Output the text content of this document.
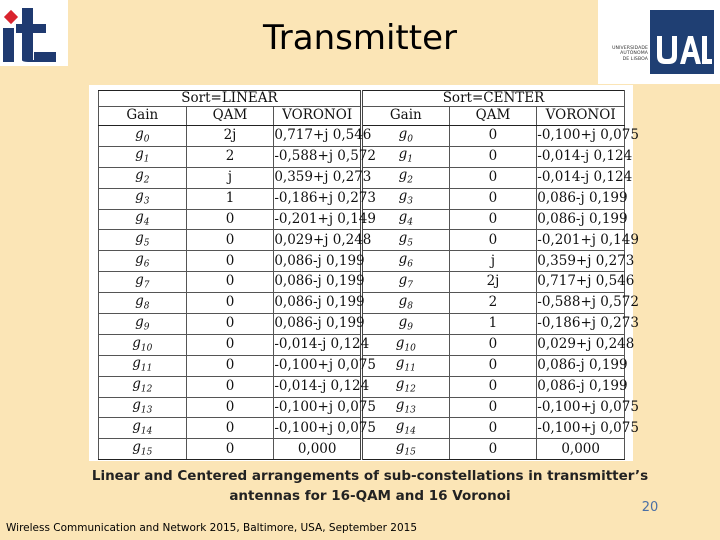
UNIVERSIDADE
AUTÓNOMA
DE LISBOA
Transmitter
Sort=LINEAR			Sort=CENTER		
Gain	QAM	VORONOI	Gain	QAM	VORONOI
$g_0$	2j	0,717+j 0,546	$g_0$	0	-0,100+j 0,075
$g_1$	2	-0,588+j 0,572	$g_1$	0	-0,014-j 0,124
$g_2$	j	0,359+j 0,273	$g_2$	0	-0,014-j 0,124
$g_3$	1	-0,186+j 0,273	$g_3$	0	0,086-j 0,199
$g_4$	0	-0,201+j 0,149	$g_4$	0	0,086-j 0,199
$g_5$	0	0,029+j 0,248	$g_5$	0	-0,201+j 0,149
$g_6$	0	0,086-j 0,199	$g_6$	j	0,359+j 0,273
$g_7$	0	0,086-j 0,199	$g_7$	2j	0,717+j 0,546
$g_8$	0	0,086-j 0,199	$g_8$	2	-0,588+j 0,572
$g_9$	0	0,086-j 0,199	$g_9$	1	-0,186+j 0,273
$g_{10}$	0	-0,014-j 0,124	$g_{10}$	0	0,029+j 0,248
$g_{11}$	0	-0,100+j 0,075	$g_{11}$	0	0,086-j 0,199
$g_{12}$	0	-0,014-j 0,124	$g_{12}$	0	0,086-j 0,199
$g_{13}$	0	-0,100+j 0,075	$g_{13}$	0	-0,100+j 0,075
$g_{14}$	0	-0,100+j 0,075	$g_{14}$	0	-0,100+j 0,075
$g_{15}$	0	0,000	$g_{15}$	0	0,000
Linear and Centered arrangements of sub-constellations in transmitter’s
antennas for 16-QAM and 16 Voronoi
20
Wireless Communication and Network 2015, Baltimore, USA, September 2015
